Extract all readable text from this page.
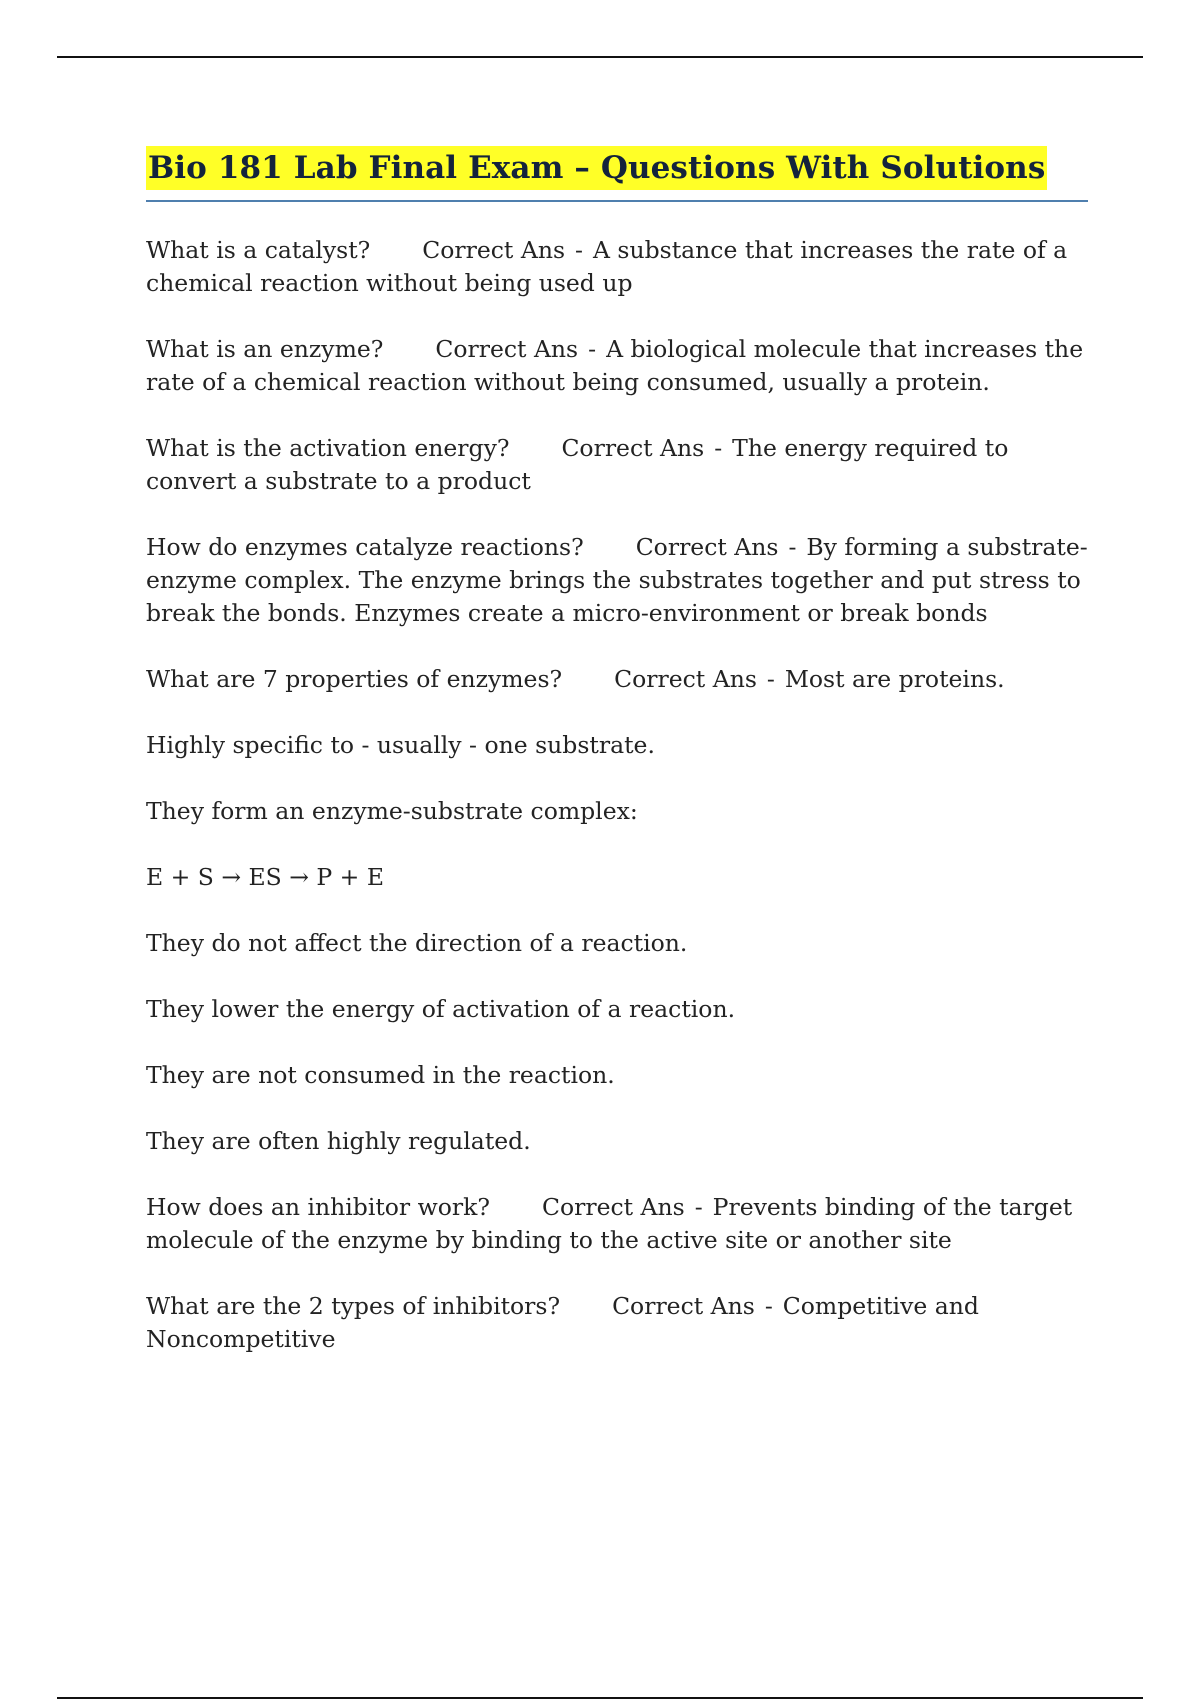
Bio 181 Lab Final Exam – Questions With Solutions

What is a catalyst? Correct Ans - A substance that increases the rate of a chemical reaction without being used up

What is an enzyme? Correct Ans - A biological molecule that increases the rate of a chemical reaction without being consumed, usually a protein.

What is the activation energy? Correct Ans - The energy required to convert a substrate to a product

How do enzymes catalyze reactions? Correct Ans - By forming a substrate-enzyme complex. The enzyme brings the substrates together and put stress to break the bonds. Enzymes create a micro-environment or break bonds

What are 7 properties of enzymes? Correct Ans - Most are proteins.

Highly specific to - usually - one substrate.

They form an enzyme-substrate complex:

E + S → ES → P + E

They do not affect the direction of a reaction.

They lower the energy of activation of a reaction.

They are not consumed in the reaction.

They are often highly regulated.

How does an inhibitor work? Correct Ans - Prevents binding of the target molecule of the enzyme by binding to the active site or another site

What are the 2 types of inhibitors? Correct Ans - Competitive and Noncompetitive
